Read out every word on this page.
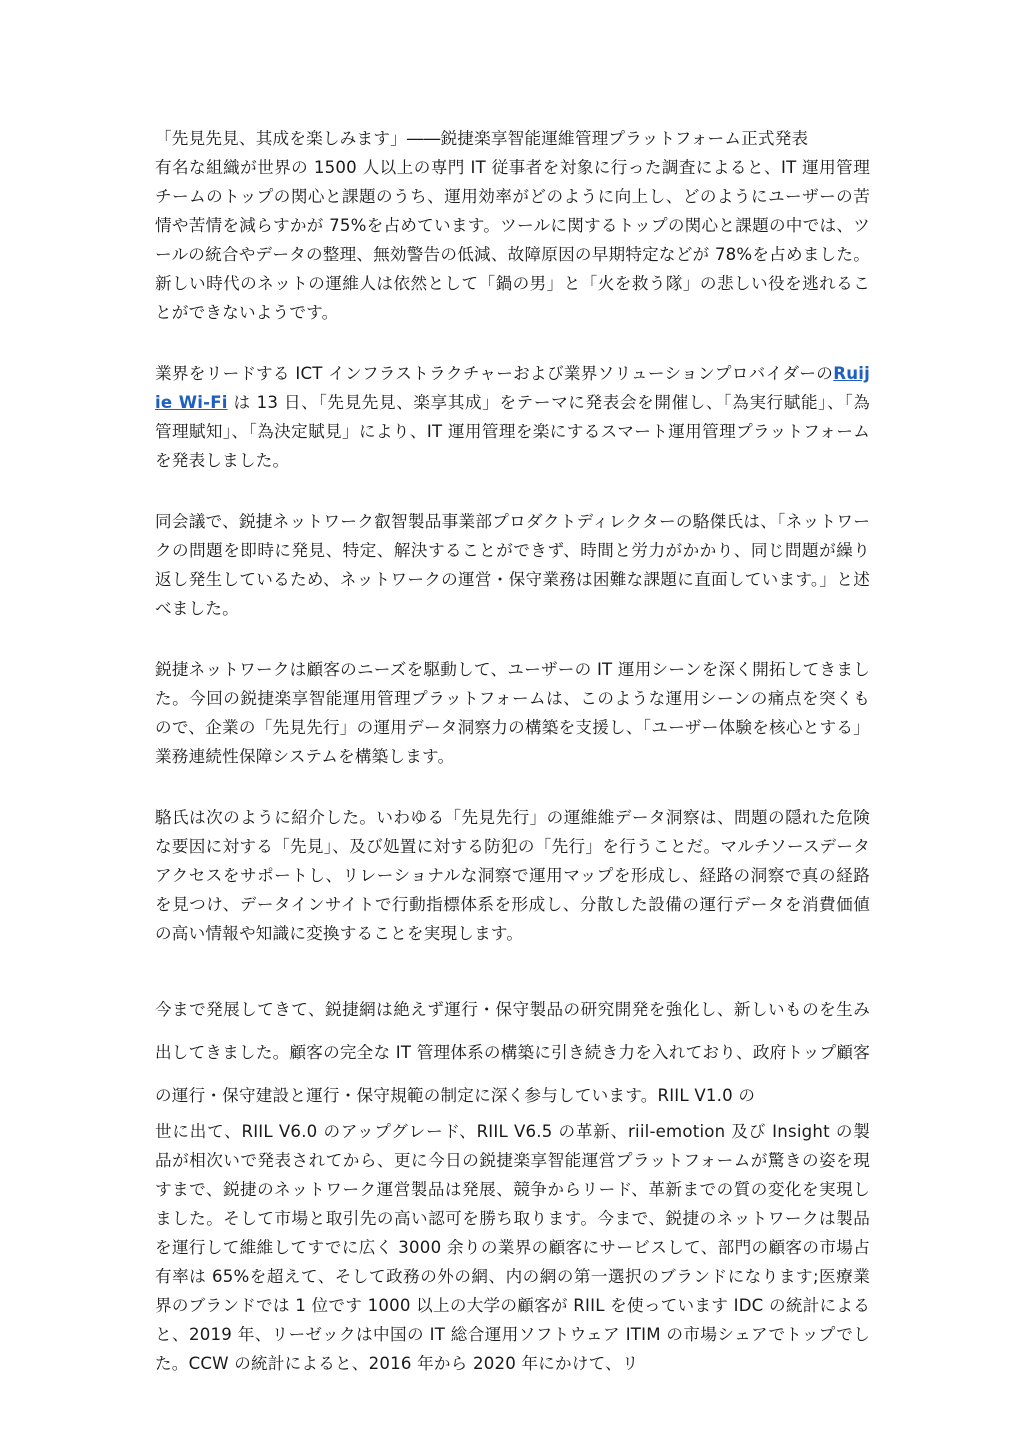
「先見先見、其成を楽しみます」――鋭捷楽享智能運維管理プラットフォーム正式発表

有名な組織が世界の 1500 人以上の専門 IT 従事者を対象に行った調査によると、IT 運用管理チームのトップの関心と課題のうち、運用効率がどのように向上し、どのようにユーザーの苦情や苦情を減らすかが 75%を占めています。ツールに関するトップの関心と課題の中では、ツールの統合やデータの整理、無効警告の低減、故障原因の早期特定などが 78%を占めました。新しい時代のネットの運維人は依然として「鍋の男」と「火を救う隊」の悲しい役を逃れることができないようです。

業界をリードする ICT インフラストラクチャーおよび業界ソリューションプロバイダーのRuijie Wi-Fi は 13 日、「先見先見、楽享其成」をテーマに発表会を開催し、「為実行賦能」、「為管理賦知」、「為決定賦見」により、IT 運用管理を楽にするスマート運用管理プラットフォームを発表しました。

同会議で、鋭捷ネットワーク叡智製品事業部プロダクトディレクターの駱傑氏は、「ネットワークの問題を即時に発見、特定、解決することができず、時間と労力がかかり、同じ問題が繰り返し発生しているため、ネットワークの運営・保守業務は困難な課題に直面しています。」と述べました。

鋭捷ネットワークは顧客のニーズを駆動して、ユーザーの IT 運用シーンを深く開拓してきました。今回の鋭捷楽享智能運用管理プラットフォームは、このような運用シーンの痛点を突くもので、企業の「先見先行」の運用データ洞察力の構築を支援し、「ユーザー体験を核心とする」業務連続性保障システムを構築します。

駱氏は次のように紹介した。いわゆる「先見先行」の運維維データ洞察は、問題の隠れた危険な要因に対する「先見」、及び処置に対する防犯の「先行」を行うことだ。マルチソースデータアクセスをサポートし、リレーショナルな洞察で運用マップを形成し、経路の洞察で真の経路を見つけ、データインサイトで行動指標体系を形成し、分散した設備の運行データを消費価値の高い情報や知識に変換することを実現します。

今まで発展してきて、鋭捷網は絶えず運行・保守製品の研究開発を強化し、新しいものを生み出してきました。顧客の完全な IT 管理体系の構築に引き続き力を入れており、政府トップ顧客の運行・保守建設と運行・保守規範の制定に深く参与しています。RIIL V1.0 の

世に出て、RIIL V6.0 のアップグレード、RIIL V6.5 の革新、riil-emotion 及び Insight の製品が相次いで発表されてから、更に今日の鋭捷楽享智能運営プラットフォームが驚きの姿を現すまで、鋭捷のネットワーク運営製品は発展、競争からリード、革新までの質の変化を実現しました。そして市場と取引先の高い認可を勝ち取ります。今まで、鋭捷のネットワークは製品を運行して維維してすでに広く 3000 余りの業界の顧客にサービスして、部門の顧客の市場占有率は 65%を超えて、そして政務の外の網、内の網の第一選択のブランドになります;医療業界のブランドでは 1 位です 1000 以上の大学の顧客が RIIL を使っています IDC の統計によると、2019 年、リーゼックは中国の IT 総合運用ソフトウェア ITIM の市場シェアでトップでした。CCW の統計によると、2016 年から 2020 年にかけて、リ
